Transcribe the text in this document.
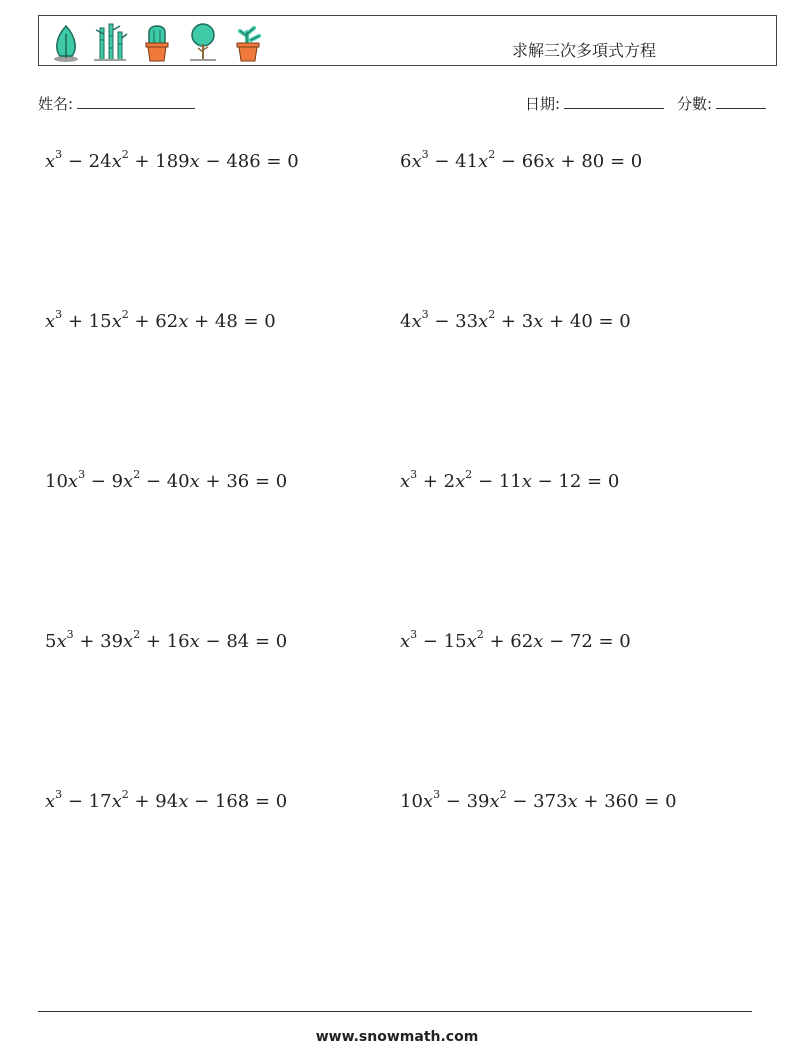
求解三次多項式方程
姓名:	日期:	分數:
$x^3 - 24x^2 + 189x - 486 = 0$	$6x^3 - 41x^2 - 66x + 80 = 0$
$x^3 + 15x^2 + 62x + 48 = 0$	$4x^3 - 33x^2 + 3x + 40 = 0$
$10x^3 - 9x^2 - 40x + 36 = 0$	$x^3 + 2x^2 - 11x - 12 = 0$
$5x^3 + 39x^2 + 16x - 84 = 0$	$x^3 - 15x^2 + 62x - 72 = 0$
$x^3 - 17x^2 + 94x - 168 = 0$	$10x^3 - 39x^2 - 373x + 360 = 0$
www.snowmath.com
